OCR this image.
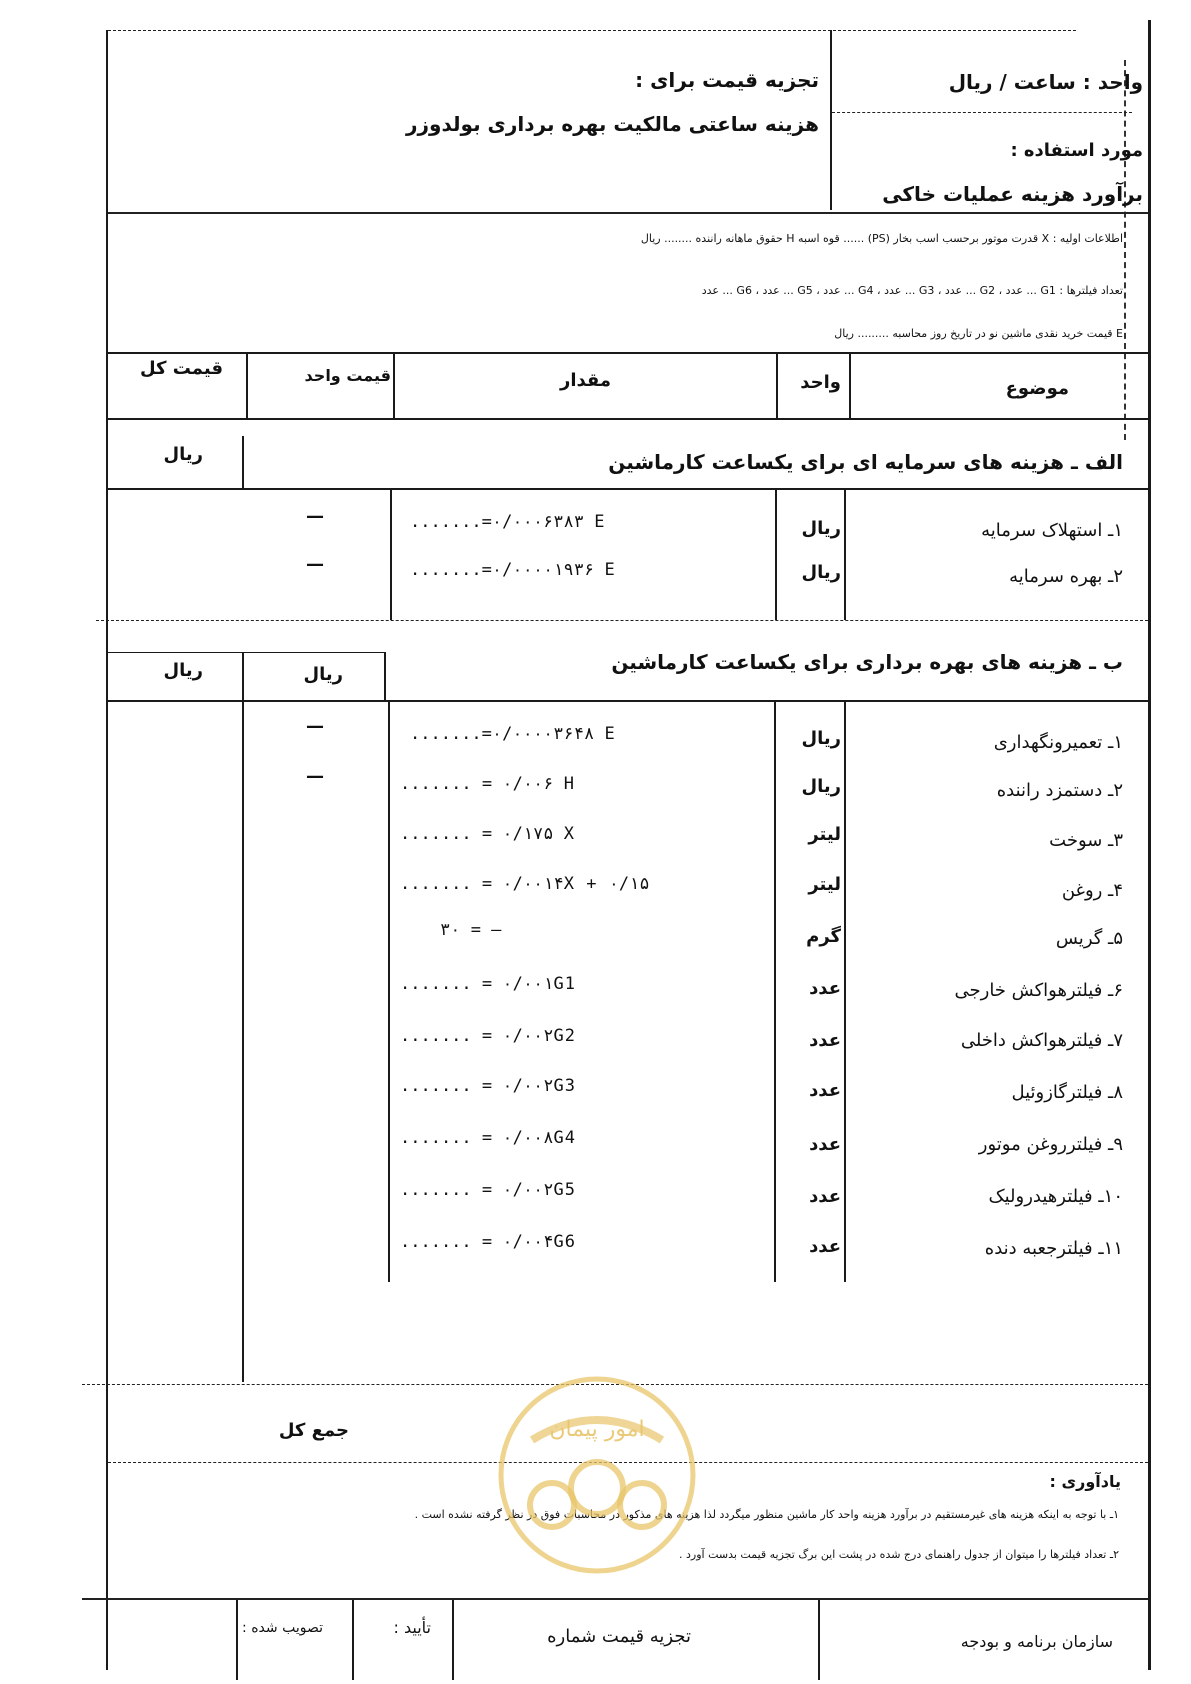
تجزیه قیمت برای :
هزینه ساعتی مالکیت بهره برداری بولدوزر
واحد : ساعت / ریال
مورد استفاده :
برآورد هزینه عملیات خاکی
اطلاعات اولیه : X قدرت موتور برحسب اسب بخار (PS) ...... قوه اسبه H حقوق ماهانه راننده ........ ریال
تعداد فیلترها : G1 ... عدد ، G2 ... عدد ، G3 ... عدد ، G4 ... عدد ، G5 ... عدد ، G6 ... عدد
E قیمت خرید نقدی ماشین نو در تاریخ روز محاسبه ......... ریال
موضوع
واحد
مقدار
قیمت واحد
قیمت کل
الف ـ هزینه های سرمایه ای برای یکساعت کارماشین
ریال
۱ـ استهلاک سرمایه
ریال
.......=۰/۰۰۰۶۳۸۳ E
—
۲ـ بهره سرمایه
ریال
.......=۰/۰۰۰۰۱۹۳۶ E
—
ب ـ هزینه های بهره برداری برای یکساعت کارماشین
ریال	ریال
۱ـ تعمیرونگهداری
ریال
.......=۰/۰۰۰۰۳۶۴۸ E
—
۲ـ دستمزد راننده
ریال
....... = ۰/۰۰۶ H
—
۳ـ سوخت
لیتر
....... = ۰/۱۷۵ X
۴ـ روغن
لیتر
....... = ۰/۰۰۱۴X + ۰/۱۵
۵ـ گریس
گرم
۳۰ = —
۶ـ فیلترهواکش خارجی
عدد
....... = ۰/۰۰۱G1
۷ـ فیلترهواکش داخلی
عدد
....... = ۰/۰۰۲G2
۸ـ فیلترگازوئیل
عدد
....... = ۰/۰۰۲G3
۹ـ فیلترروغن موتور
عدد
....... = ۰/۰۰۸G4
۱۰ـ فیلترهیدرولیک
عدد
....... = ۰/۰۰۲G5
۱۱ـ فیلترجعبه دنده
عدد
....... = ۰/۰۰۴G6
جمع کل
یادآوری :
۱ـ با توجه به اینکه هزینه های غیرمستقیم در برآورد هزینه واحد کار ماشین منظور میگردد لذا هزینه های مذکور در محاسبات فوق در نظر گرفته نشده است .
۲ـ تعداد فیلترها را میتوان از جدول راهنمای درج شده در پشت این برگ تجزیه قیمت بدست آورد .
سازمان برنامه و بودجه
تجزیه قیمت شماره
تأیید :
تصویب شده :
امور پیمان
